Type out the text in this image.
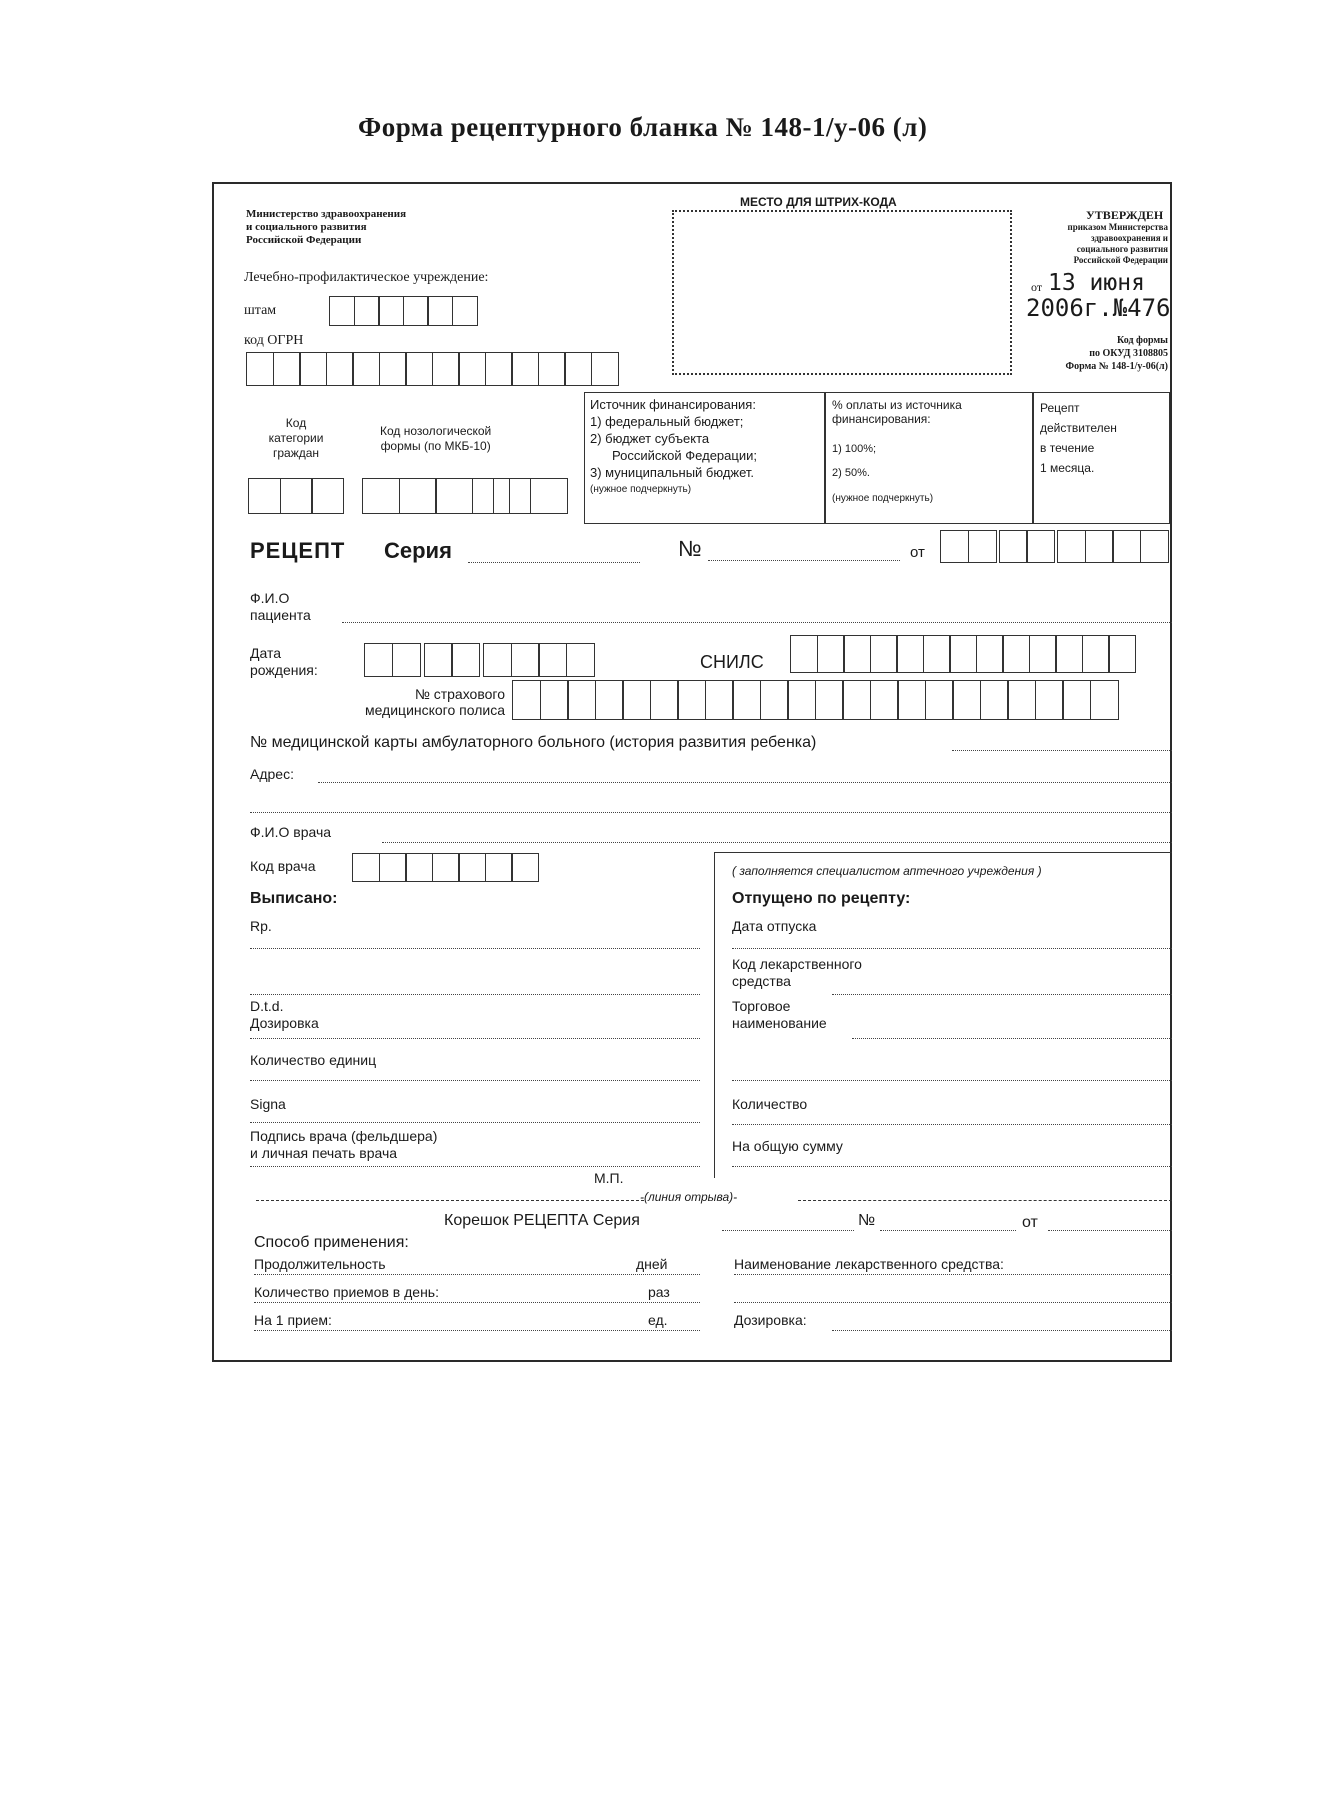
Форма рецептурного бланка № 148-1/у-06 (л)
Министерство здравоохранения
и социального развития
Российской Федерации
Лечебно-профилактическое учреждение:
штам
код ОГРН
МЕСТО ДЛЯ ШТРИХ-КОДА
УТВЕРЖДЕН
приказом Министерства
здравоохранения и
социального развития
Российской Федерации
от 13 июня
2006г.№476
Код формы
по ОКУД 3108805
Форма № 148-1/у-06(л)
Код
категории
граждан
Код нозологической
формы (по МКБ-10)
Источник финансирования:
1) федеральный бюджет;
2) бюджет субъекта
Российской Федерации;
3) муниципальный бюджет.
(нужное подчеркнуть)
% оплаты из источника
финансирования:
1) 100%;
2) 50%.
(нужное подчеркнуть)
Рецепт
действителен
в течение
1 месяца.
РЕЦЕПТ Серия	№	от
Ф.И.О
пациента
Дата
рождения:	СНИЛС
№ страхового
медицинского полиса
№ медицинской карты амбулаторного больного (история развития ребенка)
Адрес:
Ф.И.О врача
Код врача
Выписано:
Rp.
D.t.d.
Дозировка
Количество единиц
Signa
Подпись врача (фельдшера)
и личная печать врача
М.П.
( заполняется специалистом аптечного учреждения )
Отпущено по рецепту:
Дата отпуска
Код лекарственного
средства
Торговое
наименование
Количество
На общую сумму
-(линия отрыва)-
Корешок РЕЦЕПТА Серия	№	от
Способ применения:
Продолжительность	дней
Количество приемов в день:	раз
На 1 прием:	ед.
Наименование лекарственного средства:
Дозировка:
